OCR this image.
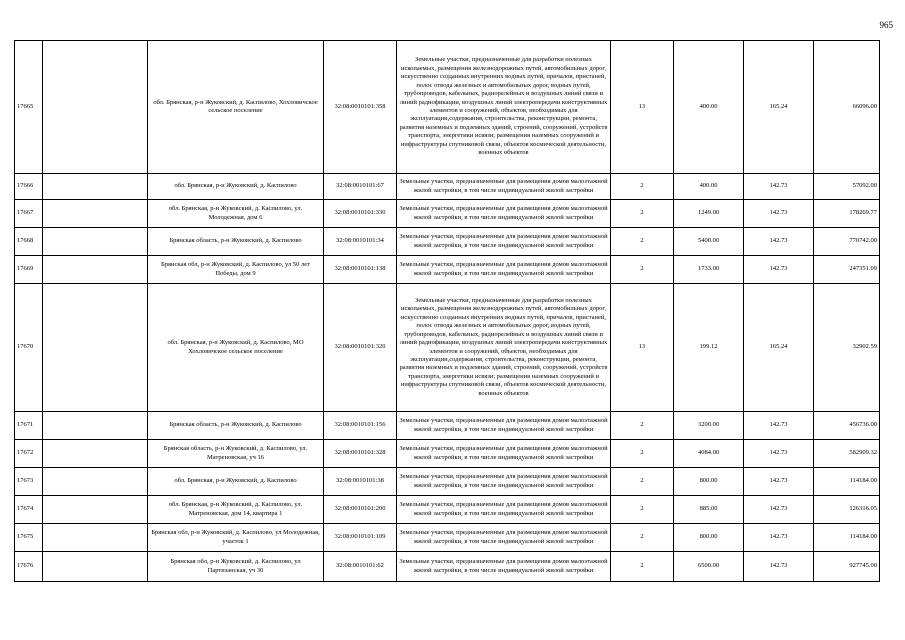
965
17665		обл. Брянская, р-н Жуковский, д. Каспилово, Хохловичское сельское поселение	32:08:0010101:358	Земельные участки, предназначенные для разработки полезных ископаемых, размещения железнодорожных путей, автомобильных дорог, искусственно созданных внутренних водных путей, причалов, пристаней, полос отвода железных и автомобильных дорог, водных путей, трубопроводов, кабельных, радиорелейных и воздушных линий связи и линий радиофикации, воздушных линий электропередачи конструктивных элементов и сооружений, объектов, необходимых для эксплуатации,содержания, строительства, реконструкции, ремонта, развития наземных и подземных зданий, строений, сооружений, устройств транспорта, энергетики исвязи; размещения наземных сооружений и инфраструктуры спутниковой связи, объектов космической деятельности, военных объектов	13	400.00	165.24	66096.00
17666		обл. Брянская, р-н Жуковский, д. Каспилово	32:08:0010101:67	Земельные участки, предназначенные для размещения домов малоэтажной жилой застройки, в том числе индивидуальной жилой застройки	2	400.00	142.73	57092.00
17667		обл. Брянская, р-н Жуковский, д. Каспилово, ул. Молодежная, дом 6	32:08:0010101:330	Земельные участки, предназначенные для размещения домов малоэтажной жилой застройки, в том числе индивидуальной жилой застройки	2	1249.00	142.73	178269.77
17668		Брянская область, р-н Жуковский, д. Каспилово	32:08:0010101:34	Земельные участки, предназначенные для размещения домов малоэтажной жилой застройки, в том числе индивидуальной жилой застройки	2	5400.00	142.73	770742.00
17669		Брянская обл, р-н Жуковский, д. Каспилово, ул 50 лет Победы, дом 9	32:08:0010101:138	Земельные участки, предназначенные для размещения домов малоэтажной жилой застройки, в том числе индивидуальной жилой застройки	2	1733.00	142.73	247351.09
17670		обл. Брянская, р-н Жуковский, д. Каспилово, МО Хохловичское сельское поселение	32:08:0010101:320	Земельные участки, предназначенные для разработки полезных ископаемых, размещения железнодорожных путей, автомобильных дорог, искусственно созданных внутренних водных путей, причалов, пристаней, полос отвода железных и автомобильных дорог, водных путей, трубопроводов, кабельных, радиорелейных и воздушных линий связи и линий радиофикации, воздушных линий электропередачи конструктивных элементов и сооружений, объектов, необходимых для эксплуатации,содержания, строительства, реконструкции, ремонта, развития наземных и подземных зданий, строений, сооружений, устройств транспорта, энергетики исвязи; размещения наземных сооружений и инфраструктуры спутниковой связи, объектов космической деятельности, военных объектов	13	199.12	165.24	32902.59
17671		Брянская область, р-н Жуковский, д. Каспилово	32:08:0010101:156	Земельные участки, предназначенные для размещения домов малоэтажной жилой застройки, в том числе индивидуальной жилой застройки	2	3200.00	142.73	456736.00
17672		Брянская область, р-н Жуковский, д. Каспилово, ул. Матреновская, уч 16	32:08:0010101:328	Земельные участки, предназначенные для размещения домов малоэтажной жилой застройки, в том числе индивидуальной жилой застройки	2	4084.00	142.73	582909.32
17673		обл. Брянская, р-н Жуковский, д. Каспилово	32:08:0010101:38	Земельные участки, предназначенные для размещения домов малоэтажной жилой застройки, в том числе индивидуальной жилой застройки	2	800.00	142.73	114184.00
17674		обл. Брянская, р-н Жуковский, д. Каспилово, ул. Матреновская, дом 14, квартира 1	32:08:0010101:200	Земельные участки, предназначенные для размещения домов малоэтажной жилой застройки, в том числе индивидуальной жилой застройки	2	885.00	142.73	126316.05
17675		Брянская обл, р-н Жуковский, д. Каспилово, ул Молодежная, участок 1	32:08:0010101:109	Земельные участки, предназначенные для размещения домов малоэтажной жилой застройки, в том числе индивидуальной жилой застройки	2	800.00	142.73	114184.00
17676		Брянская обл, р-н Жуковский, д. Каспилово, ул Партизанская, уч 30	32:08:0010101:62	Земельные участки, предназначенные для размещения домов малоэтажной жилой застройки, в том числе индивидуальной жилой застройки	2	6500.00	142.73	927745.00
